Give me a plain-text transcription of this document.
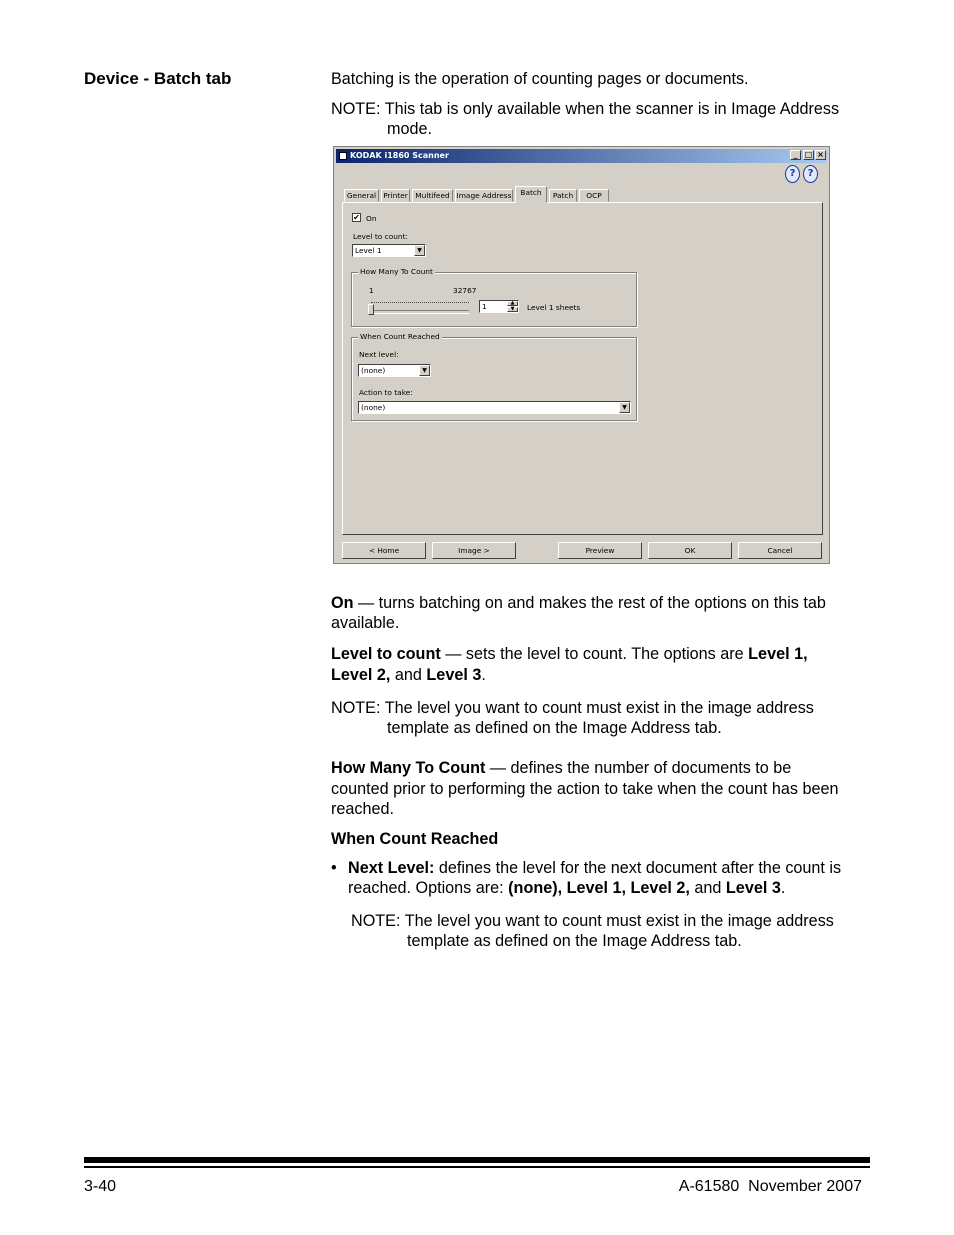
Device - Batch tab	Batching is the operation of counting pages or documents.
NOTE: This tab is only available when the scanner is in Image Address
mode.
KODAK i1860 Scanner	_ □ ×
?	?
General Printer	Multifeed Image Address	Batch	Patch	OCP
✔ On
Level to count:
Level 1	▼
How Many To Count
1	32767
1	▲
▼	Level 1 sheets
When Count Reached
Next level:
(none)	▼
Action to take:
(none)	▼
< Home	Image >	Preview	OK	Cancel
On — turns batching on and makes the rest of the options on this tab
available.
Level to count — sets the level to count. The options are Level 1,
Level 2, and Level 3.
NOTE: The level you want to count must exist in the image address
template as defined on the Image Address tab.
How Many To Count — defines the number of documents to be
counted prior to performing the action to take when the count has been
reached.
When Count Reached
• Next Level: defines the level for the next document after the count is
reached. Options are: (none), Level 1, Level 2, and Level 3.
NOTE: The level you want to count must exist in the image address
template as defined on the Image Address tab.
3-40	A-61580  November 2007
